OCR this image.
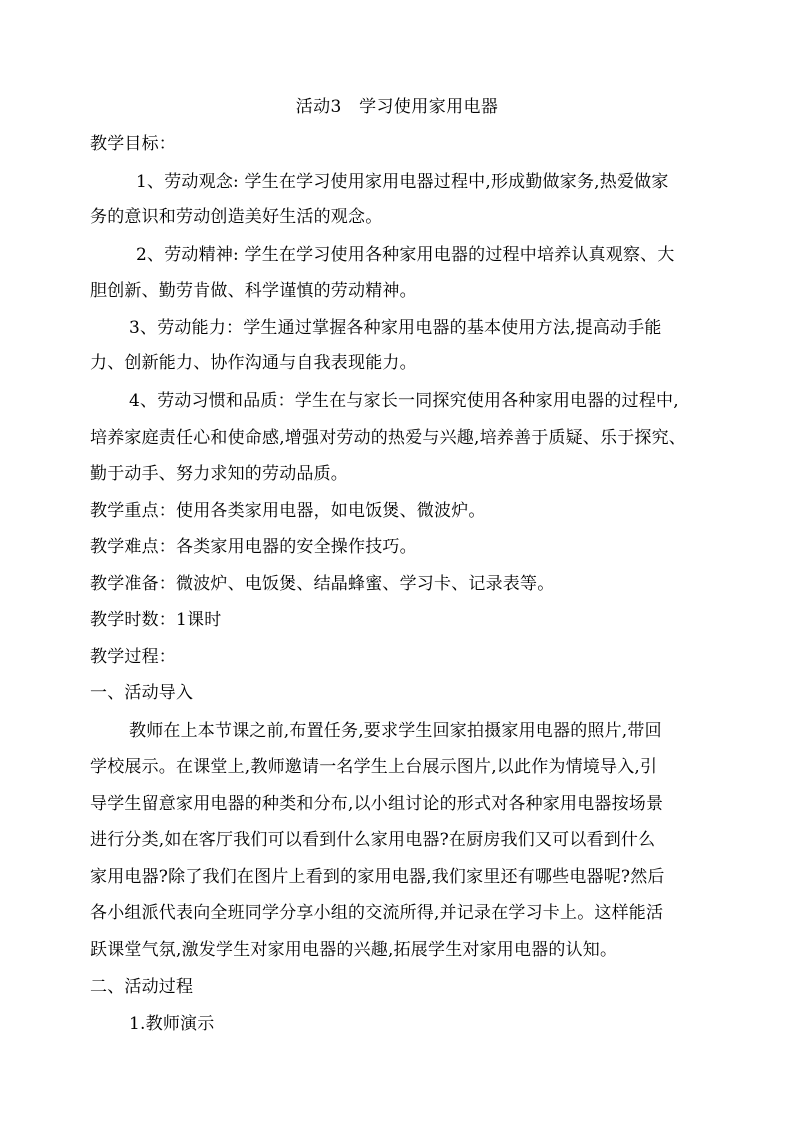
活动3　学习使用家用电器
教学目标：
1、劳动观念: 学生在学习使用家用电器过程中,形成勤做家务,热爱做家
务的意识和劳动创造美好生活的观念。
2、劳动精神: 学生在学习使用各种家用电器的过程中培养认真观察、大
胆创新、勤劳肯做、科学谨慎的劳动精神。
3、劳动能力：学生通过掌握各种家用电器的基本使用方法,提高动手能
力、创新能力、协作沟通与自我表现能力。
4、劳动习惯和品质：学生在与家长一同探究使用各种家用电器的过程中,
培养家庭责任心和使命感,增强对劳动的热爱与兴趣,培养善于质疑、乐于探究、
勤于动手、努力求知的劳动品质。
教学重点：使用各类家用电器，如电饭煲、微波炉。
教学难点：各类家用电器的安全操作技巧。
教学准备：微波炉、电饭煲、结晶蜂蜜、学习卡、记录表等。
教学时数：1课时
教学过程：
一、活动导入
教师在上本节课之前,布置任务,要求学生回家拍摄家用电器的照片,带回
学校展示。在课堂上,教师邀请一名学生上台展示图片,以此作为情境导入,引
导学生留意家用电器的种类和分布,以小组讨论的形式对各种家用电器按场景
进行分类,如在客厅我们可以看到什么家用电器?在厨房我们又可以看到什么
家用电器?除了我们在图片上看到的家用电器,我们家里还有哪些电器呢?然后
各小组派代表向全班同学分享小组的交流所得,并记录在学习卡上。这样能活
跃课堂气氛,激发学生对家用电器的兴趣,拓展学生对家用电器的认知。
二、活动过程
1.教师演示
